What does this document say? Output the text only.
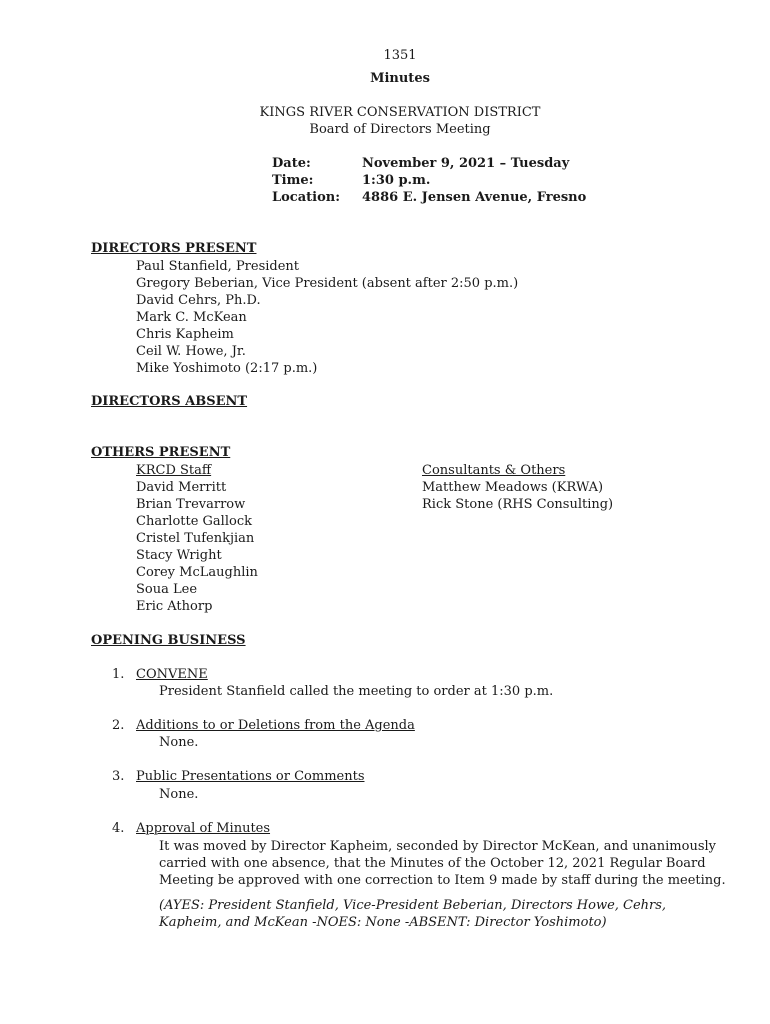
1351
Minutes
KINGS RIVER CONSERVATION DISTRICT
Board of Directors Meeting
Date:	November 9, 2021 – Tuesday
Time:	1:30 p.m.
Location: 4886 E. Jensen Avenue, Fresno
DIRECTORS PRESENT
Paul Stanfield, President
Gregory Beberian, Vice President (absent after 2:50 p.m.)
David Cehrs, Ph.D.
Mark C. McKean
Chris Kapheim
Ceil W. Howe, Jr.
Mike Yoshimoto (2:17 p.m.)
DIRECTORS ABSENT
OTHERS PRESENT
KRCD Staff
David Merritt
Brian Trevarrow
Charlotte Gallock
Cristel Tufenkjian
Stacy Wright
Corey McLaughlin
Soua Lee
Eric Athorp
Consultants & Others
Matthew Meadows (KRWA)
Rick Stone (RHS Consulting)
OPENING BUSINESS
1. CONVENE
President Stanfield called the meeting to order at 1:30 p.m.
2. Additions to or Deletions from the Agenda
None.
3. Public Presentations or Comments
None.
4. Approval of Minutes
It was moved by Director Kapheim, seconded by Director McKean, and unanimously
carried with one absence, that the Minutes of the October 12, 2021 Regular Board
Meeting be approved with one correction to Item 9 made by staff during the meeting.
(AYES: President Stanfield, Vice-President Beberian, Directors Howe, Cehrs,
Kapheim, and McKean -NOES: None -ABSENT: Director Yoshimoto)
